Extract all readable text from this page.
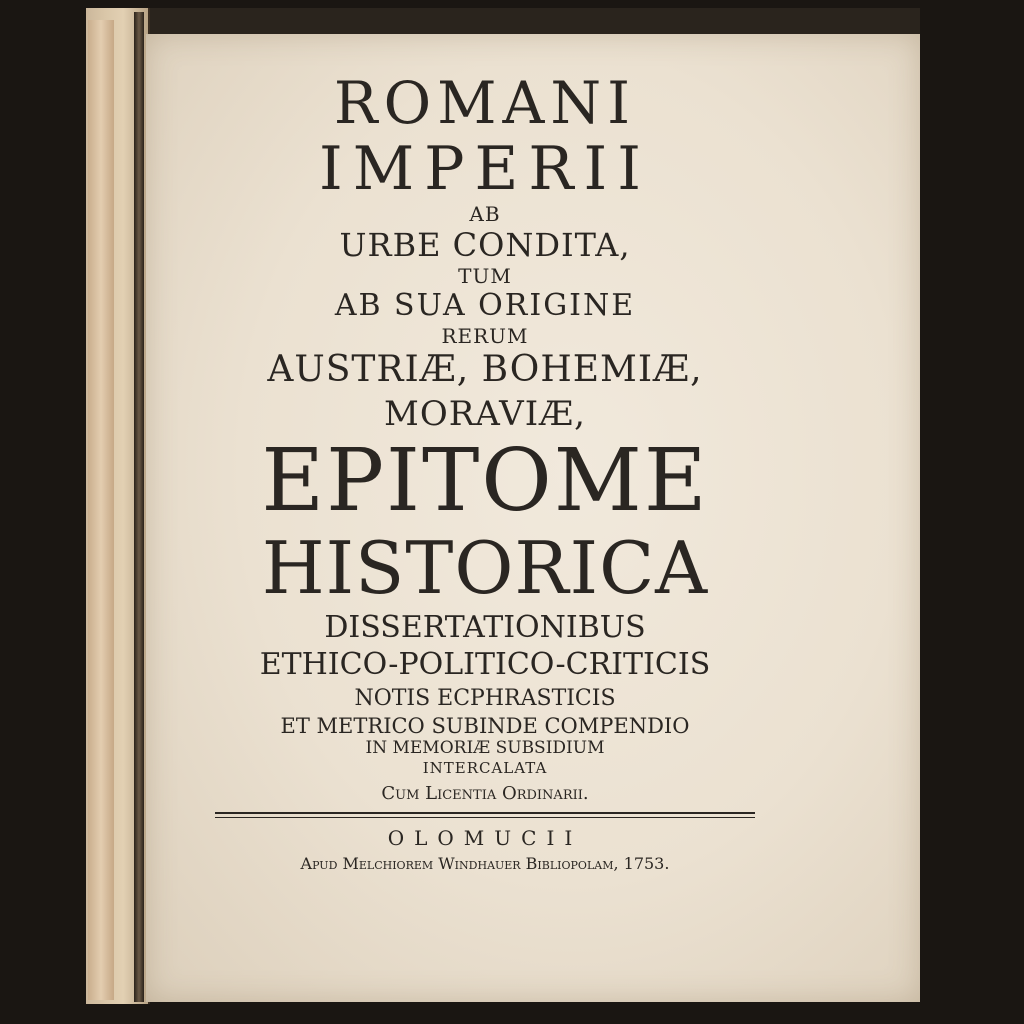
ROMANI
IMPERII
AB
URBE CONDITA,
TUM
AB SUA ORIGINE
RERUM
AUSTRIÆ, BOHEMIÆ,
MORAVIÆ,
EPITOME
HISTORICA
DISSERTATIONIBUS
ETHICO-POLITICO-CRITICIS
NOTIS ECPHRASTICIS
ET METRICO SUBINDE COMPENDIO
IN MEMORIÆ SUBSIDIUM
INTERCALATA
Cum Licentia Ordinarii.
OLOMUCII
Apud Melchiorem Windhauer Bibliopolam, 1753.
